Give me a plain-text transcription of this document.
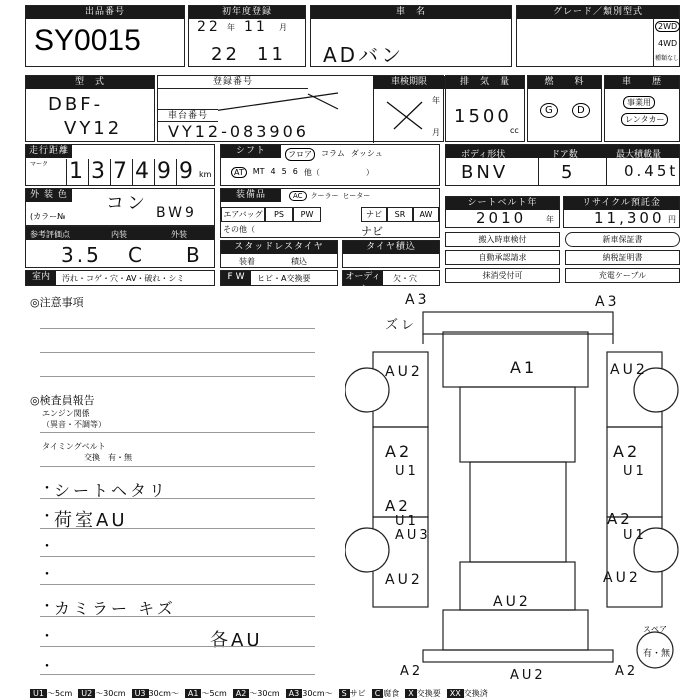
出品番号
SY0015
初年度登録
22 年 11 月
22 11
車　名
ADバン
グレード／類別型式
2WD
4WD
種類なし
型　式
DBF-
VY12
登録番号	車検期限
車台番号
VY12-083906
年
月
排　気　量
1500
cc
燃　　料
G	D
車　　歴
事業用
レンタカー
走行距離
マーク 1 3 7 4 9 9 km
シフト	フロア	コラム ダッシュ
AT	MT 4 5 6 他（	）
ボディ形状	ドア数	最大積載量
BNV	5	0.45t
外 装 色 コン
(カラー№	BW9
装備品	AC	クーラー ヒーター
エアバッグ	PS	PW	ナビ	SR	AW
その他（	ナビ
シートベルト年
2010 年
リサイクル預託金
11,300 円
参考評価点	内装	外装
3.5 C B	スタッドレスタイヤ
装着	積込
タイヤ積込
搬入時車検付	新車保証書
自動承認請求	納税証明書
抹消受付可	充電ケーブル
室内	汚れ・コゲ・穴・AV・破れ・シミ	F W	ヒビ・A交換要	オーディオ
欠・穴
◎注意事項
◎検査員報告
エンジン関係
（異音・不調等）
タイミングベルト
交換　有・無
・ シートヘタリ
・ 荷室AU
・
・
・ カミラー キズ
・	各AU
・
A3	A3
ズレ
A1
AU2	AU2
A2
U1
A2
U1
AU3
A2
U1	A2
U1
AU2	AU2
AU2
A2	AU2	A2
スペア
有・無
U1 ～5cm	U2 ～30cm	U3 30cm～	A1 ～5cm	A2 ～30cm	A3 30cm～	S サビ	C 腐食	X 交換要	XX 交換済
